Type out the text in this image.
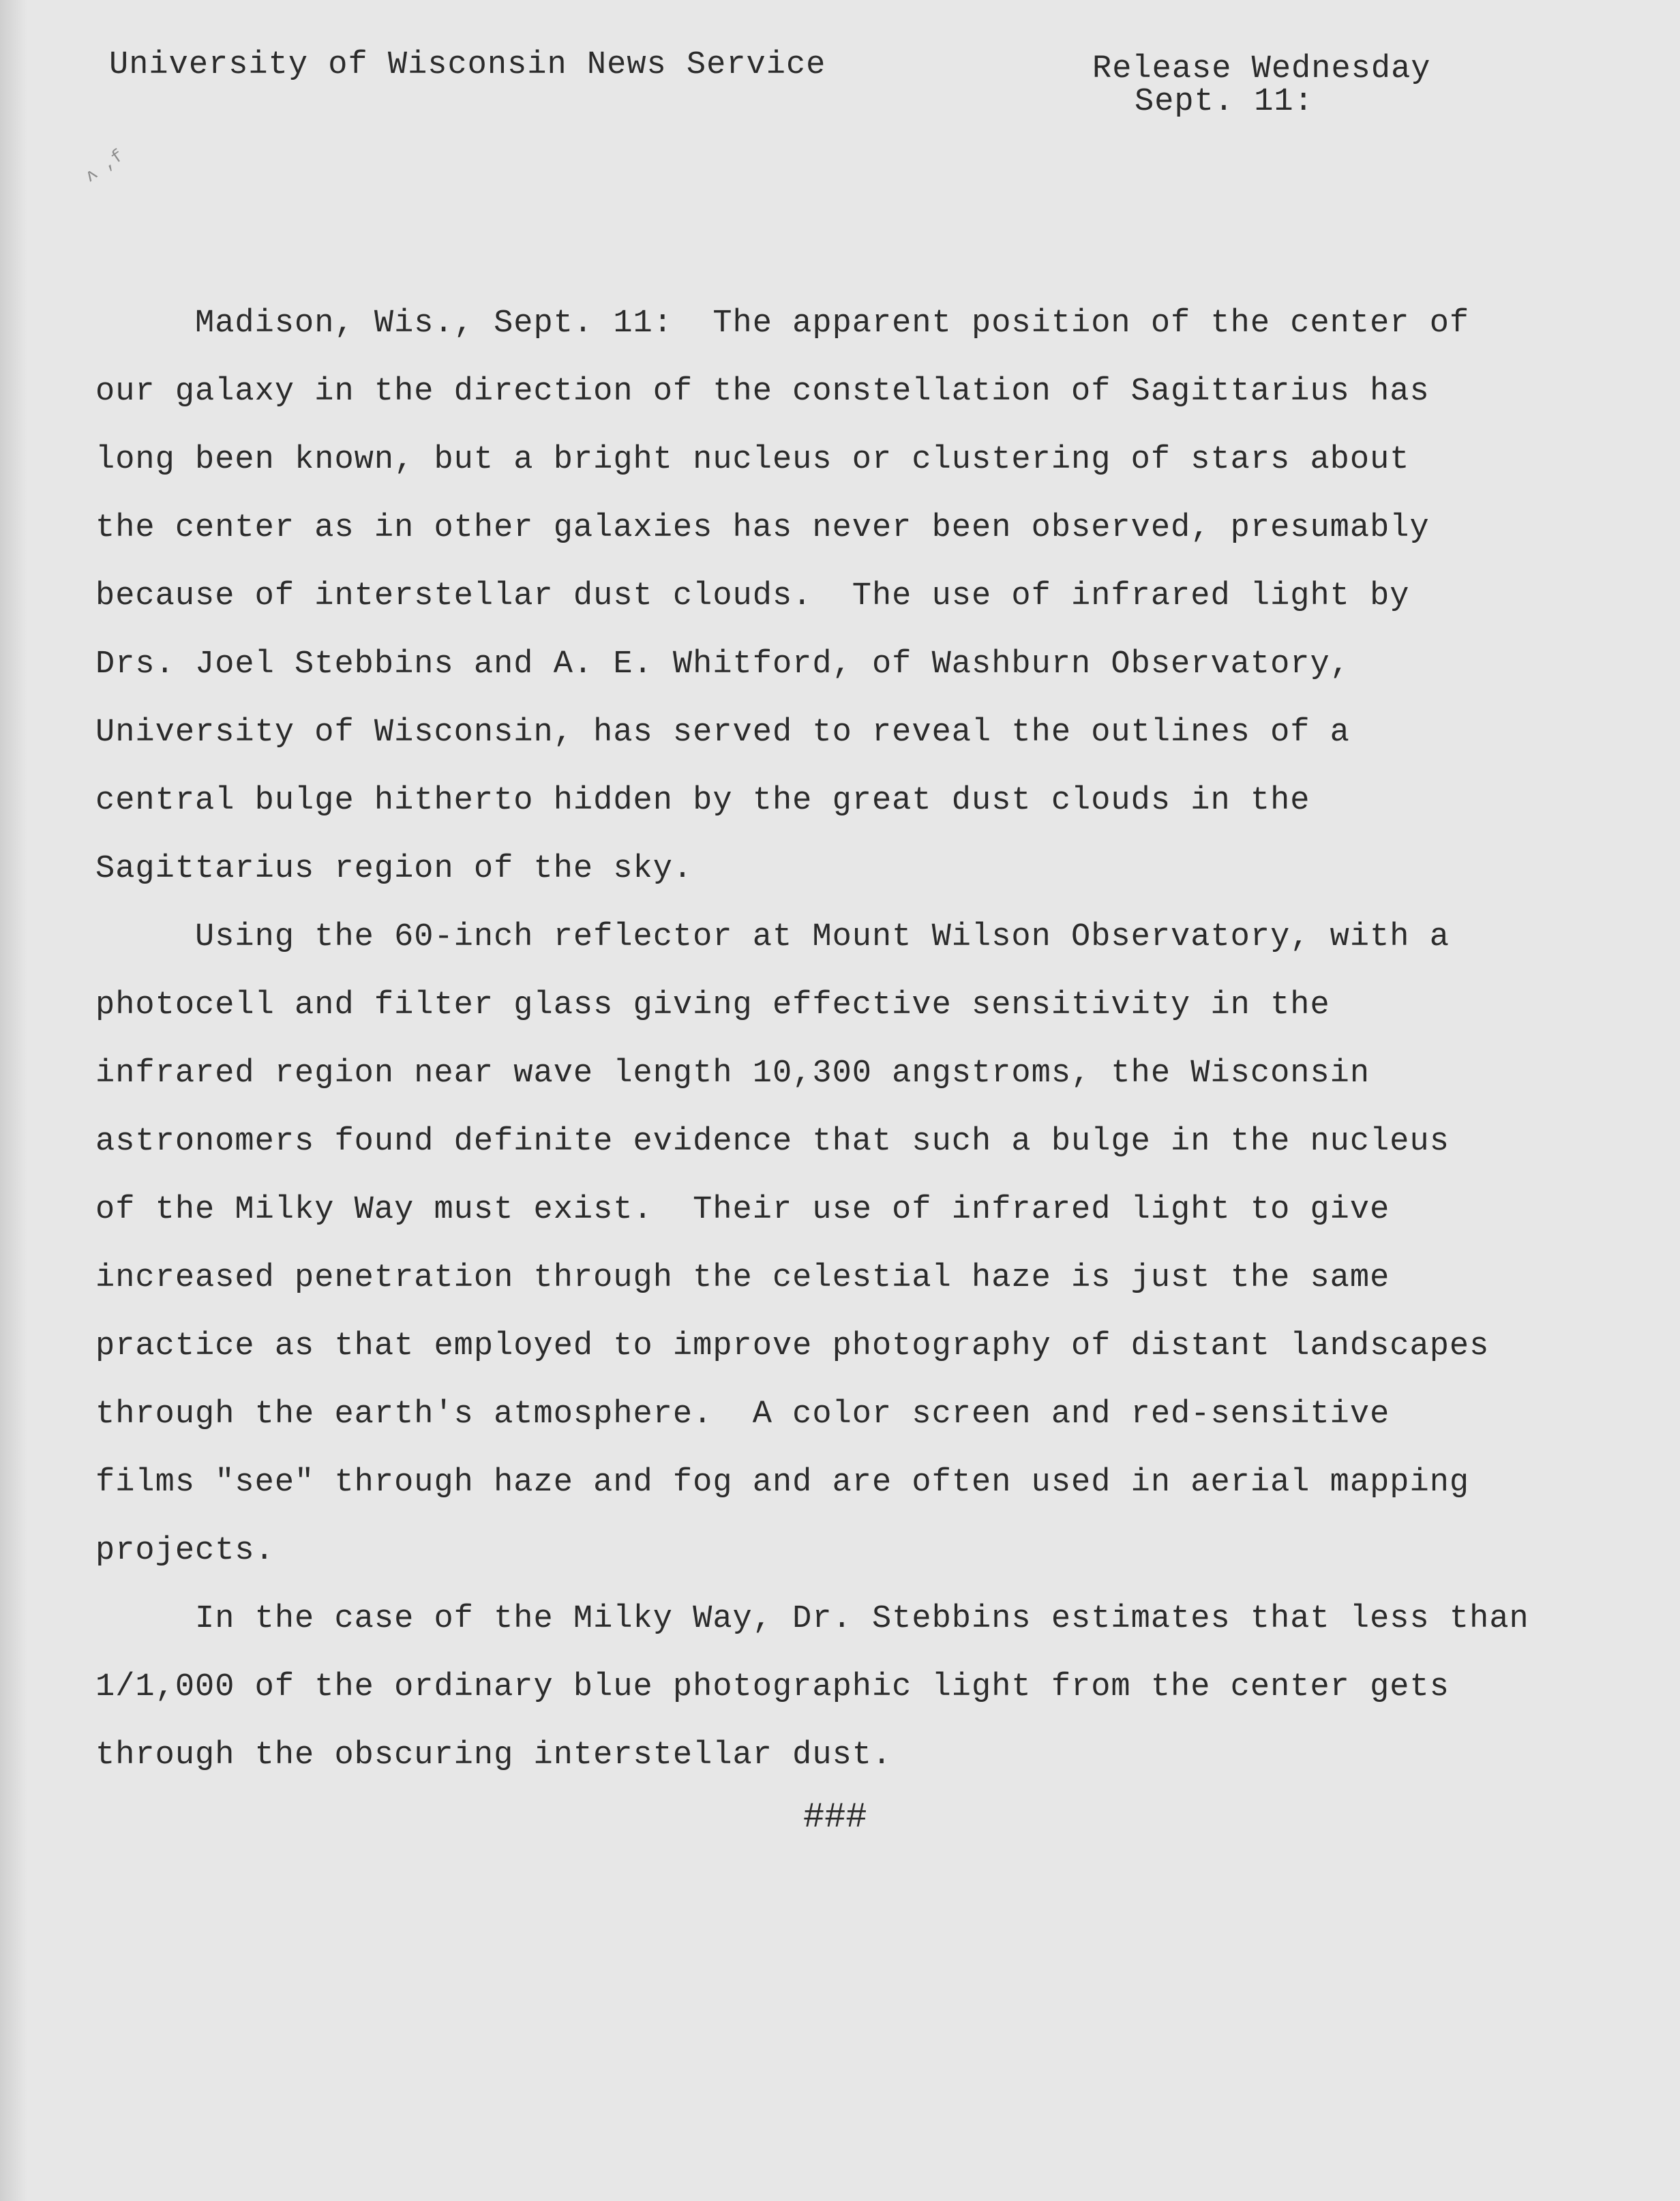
University of Wisconsin News Service	Release Wednesday
Sept. 11:
ʌ ,f
Madison, Wis., Sept. 11:  The apparent position of the center of
our galaxy in the direction of the constellation of Sagittarius has
long been known, but a bright nucleus or clustering of stars about
the center as in other galaxies has never been observed, presumably
because of interstellar dust clouds.  The use of infrared light by
Drs. Joel Stebbins and A. E. Whitford, of Washburn Observatory,
University of Wisconsin, has served to reveal the outlines of a
central bulge hitherto hidden by the great dust clouds in the
Sagittarius region of the sky.
Using the 60-inch reflector at Mount Wilson Observatory, with a
photocell and filter glass giving effective sensitivity in the
infrared region near wave length 10,300 angstroms, the Wisconsin
astronomers found definite evidence that such a bulge in the nucleus
of the Milky Way must exist.  Their use of infrared light to give
increased penetration through the celestial haze is just the same
practice as that employed to improve photography of distant landscapes
through the earth's atmosphere.  A color screen and red-sensitive
films "see" through haze and fog and are often used in aerial mapping
projects.
In the case of the Milky Way, Dr. Stebbins estimates that less than
1/1,000 of the ordinary blue photographic light from the center gets
through the obscuring interstellar dust.
###
